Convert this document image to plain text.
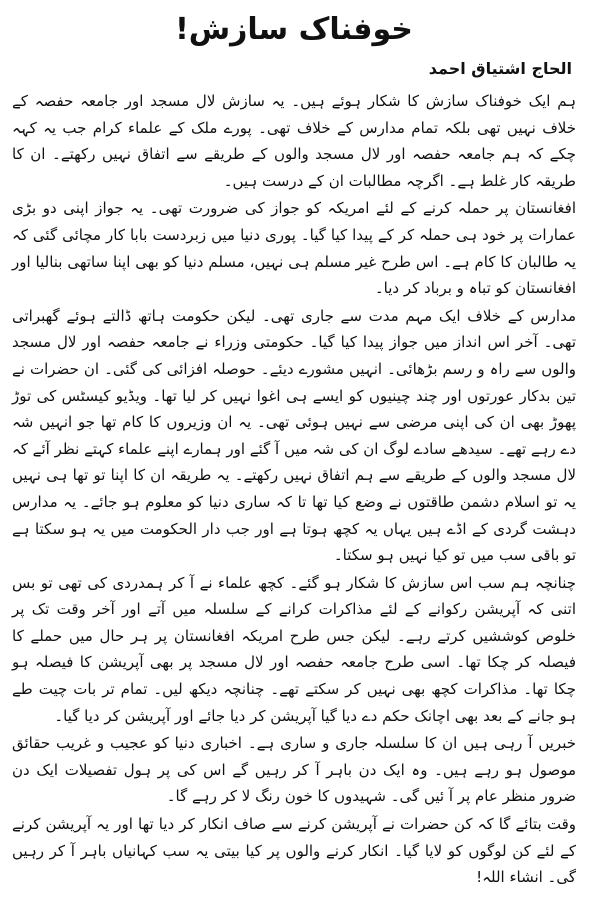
خوفناک سازش!
الحاج اشتیاق احمد

ہم ایک خوفناک سازش کا شکار ہوئے ہیں۔ یہ سازش لال مسجد اور جامعہ حفصہ کے خلاف نہیں تھی بلکہ تمام مدارس کے خلاف تھی۔ پورے ملک کے علماء کرام جب یہ کہہ چکے کہ ہم جامعہ حفصہ اور لال مسجد والوں کے طریقے سے اتفاق نہیں رکھتے۔ ان کا طریقہ کار غلط ہے۔ اگرچہ مطالبات ان کے درست ہیں۔

افغانستان پر حملہ کرنے کے لئے امریکہ کو جواز کی ضرورت تھی۔ یہ جواز اپنی دو بڑی عمارات پر خود ہی حملہ کر کے پیدا کیا گیا۔ پوری دنیا میں زبردست بابا کار مچائی گئی کہ یہ طالبان کا کام ہے۔ اس طرح غیر مسلم ہی نہیں، مسلم دنیا کو بھی اپنا ساتھی بنالیا اور افغانستان کو تباہ و برباد کر دیا۔

مدارس کے خلاف ایک مہم مدت سے جاری تھی۔ لیکن حکومت ہاتھ ڈالتے ہوئے گھبراتی تھی۔ آخر اس انداز میں جواز پیدا کیا گیا۔ حکومتی وزراء نے جامعہ حفصہ اور لال مسجد والوں سے راہ و رسم بڑھائی۔ انہیں مشورے دیئے۔ حوصلہ افزائی کی گئی۔ ان حضرات نے تین بدکار عورتوں اور چند چینیوں کو ایسے ہی اغوا نہیں کر لیا تھا۔ ویڈیو کیسٹس کی توڑ پھوڑ بھی ان کی اپنی مرضی سے نہیں ہوئی تھی۔ یہ ان وزیروں کا کام تھا جو انہیں شہ دے رہے تھے۔ سیدھے سادے لوگ ان کی شہ میں آ گئے اور ہمارے اپنے علماء کہتے نظر آئے کہ لال مسجد والوں کے طریقے سے ہم اتفاق نہیں رکھتے۔ یہ طریقہ ان کا اپنا تو تھا ہی نہیں یہ تو اسلام دشمن طاقتوں نے وضع کیا تھا تا کہ ساری دنیا کو معلوم ہو جائے۔ یہ مدارس دہشت گردی کے اڈے ہیں یہاں یہ کچھ ہوتا ہے اور جب دار الحکومت میں یہ ہو سکتا ہے تو باقی سب میں تو کیا نہیں ہو سکتا۔

چنانچہ ہم سب اس سازش کا شکار ہو گئے۔ کچھ علماء نے آ کر ہمدردی کی تھی تو بس اتنی کہ آپریشن رکوانے کے لئے مذاکرات کرانے کے سلسلہ میں آتے اور آخر وقت تک پر خلوص کوششیں کرتے رہے۔ لیکن جس طرح امریکہ افغانستان پر ہر حال میں حملے کا فیصلہ کر چکا تھا۔ اسی طرح جامعہ حفصہ اور لال مسجد پر بھی آپریشن کا فیصلہ ہو چکا تھا۔ مذاکرات کچھ بھی نہیں کر سکتے تھے۔ چنانچہ دیکھ لیں۔ تمام تر بات چیت طے ہو جانے کے بعد بھی اچانک حکم دے دیا گیا آپریشن کر دیا جائے اور آپریشن کر دیا گیا۔

خبریں آ رہی ہیں ان کا سلسلہ جاری و ساری ہے۔ اخباری دنیا کو عجیب و غریب حقائق موصول ہو رہے ہیں۔ وہ ایک دن باہر آ کر رہیں گے اس کی پر ہول تفصیلات ایک دن ضرور منظر عام پر آ ئیں گی۔ شہیدوں کا خون رنگ لا کر رہے گا۔

وقت بتائے گا کہ کن حضرات نے آپریشن کرنے سے صاف انکار کر دیا تھا اور یہ آپریشن کرنے کے لئے کن لوگوں کو لایا گیا۔ انکار کرنے والوں پر کیا بیتی یہ سب کہانیاں باہر آ کر رہیں گی۔ انشاء اللہ!
